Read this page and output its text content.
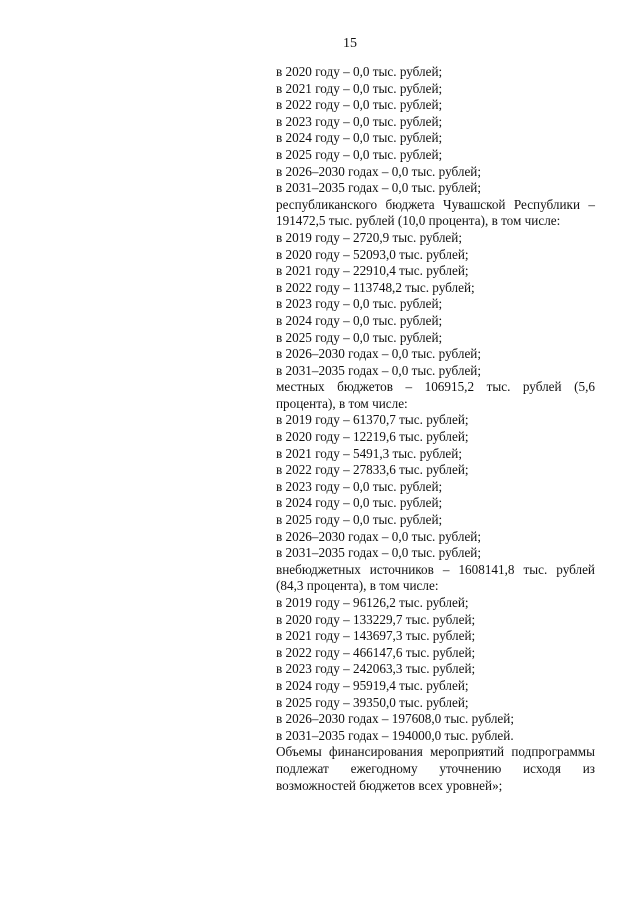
15
в 2020 году – 0,0 тыс. рублей;
в 2021 году – 0,0 тыс. рублей;
в 2022 году – 0,0 тыс. рублей;
в 2023 году – 0,0 тыс. рублей;
в 2024 году – 0,0 тыс. рублей;
в 2025 году – 0,0 тыс. рублей;
в 2026–2030 годах – 0,0 тыс. рублей;
в 2031–2035 годах – 0,0 тыс. рублей;
республиканского бюджета Чувашской Республики – 191472,5 тыс. рублей (10,0 процента), в том числе:
в 2019 году – 2720,9 тыс. рублей;
в 2020 году – 52093,0 тыс. рублей;
в 2021 году – 22910,4 тыс. рублей;
в 2022 году – 113748,2 тыс. рублей;
в 2023 году – 0,0 тыс. рублей;
в 2024 году – 0,0 тыс. рублей;
в 2025 году – 0,0 тыс. рублей;
в 2026–2030 годах – 0,0 тыс. рублей;
в 2031–2035 годах – 0,0 тыс. рублей;
местных бюджетов – 106915,2 тыс. рублей (5,6 процента), в том числе:
в 2019 году – 61370,7 тыс. рублей;
в 2020 году – 12219,6 тыс. рублей;
в 2021 году – 5491,3 тыс. рублей;
в 2022 году – 27833,6 тыс. рублей;
в 2023 году – 0,0 тыс. рублей;
в 2024 году – 0,0 тыс. рублей;
в 2025 году – 0,0 тыс. рублей;
в 2026–2030 годах – 0,0 тыс. рублей;
в 2031–2035 годах – 0,0 тыс. рублей;
внебюджетных источников – 1608141,8 тыс. рублей (84,3 процента), в том числе:
в 2019 году – 96126,2 тыс. рублей;
в 2020 году – 133229,7 тыс. рублей;
в 2021 году – 143697,3 тыс. рублей;
в 2022 году – 466147,6 тыс. рублей;
в 2023 году – 242063,3 тыс. рублей;
в 2024 году – 95919,4 тыс. рублей;
в 2025 году – 39350,0 тыс. рублей;
в 2026–2030 годах – 197608,0 тыс. рублей;
в 2031–2035 годах – 194000,0 тыс. рублей.
Объемы финансирования мероприятий подпрограммы подлежат ежегодному уточнению исходя из возможностей бюджетов всех уровней»;
